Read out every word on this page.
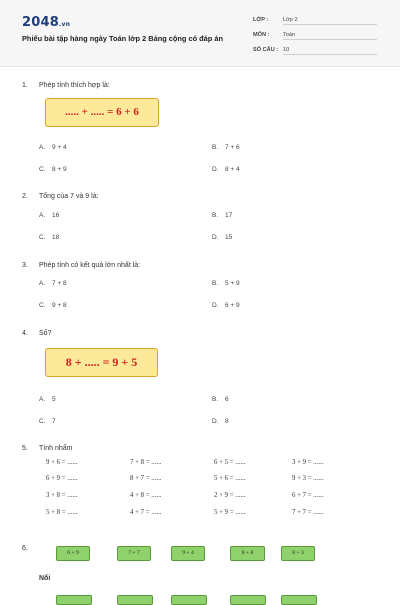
2048.vn
Phiếu bài tập hàng ngày Toán lớp 2 Bảng cộng có đáp án
LỚP :	Lớp 2
MÔN : Toán
SỐ CÂU : 10
1. Phép tính thích hợp là:
..... + ..... = 6 + 6
A. 9 + 4	B. 7 + 6
C. 8 + 9	D. 8 + 4
2. Tổng của 7 và 9 là:
A. 16	B. 17
C. 18	D. 15
3. Phép tính có kết quả lớn nhất là:
A. 7 + 8	B. 5 + 9
C. 9 + 8	D. 6 + 9
4. Số?
8 + ..... = 9 + 5
A. 5	B. 6
C. 7	D. 8
5. Tính nhẩm
9 + 6 = ......	7 + 8 = ......	6 + 5 = ......	3 + 9 = ......
6 + 9 = ......	8 + 7 = ......	5 + 6 = ......	9 + 3 = ......
3 + 8 = ......	4 + 8 = ......	2 + 9 = ......	6 + 7 = ......
5 + 8 = ......	4 + 7 = ......	5 + 9 = ......	7 + 7 = ......
6.
6 + 9	7 + 7	9 + 4	8 + 8	8 + 3
Nối
